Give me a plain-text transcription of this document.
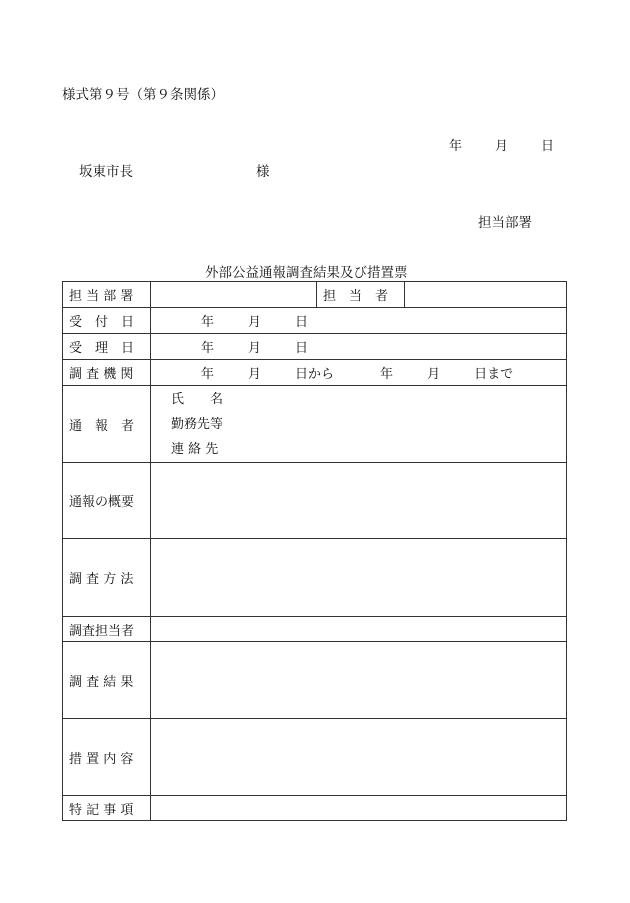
様式第９号（第９条関係）
年	月	日
坂東市長	様
担当部署
外部公益通報調査結果及び措置票
担 当 部 署		担　当　者	
受　付　日	年 月 日		
受　理　日	年 月 日		
調 査 機 関	年 月 日から 年 月 日まで		
通　報　者	氏　　名
勤務先等
連 絡 先		

通報の概要			
調 査 方 法			
調査担当者			
調 査 結 果			
措 置 内 容			
特 記 事 項			
